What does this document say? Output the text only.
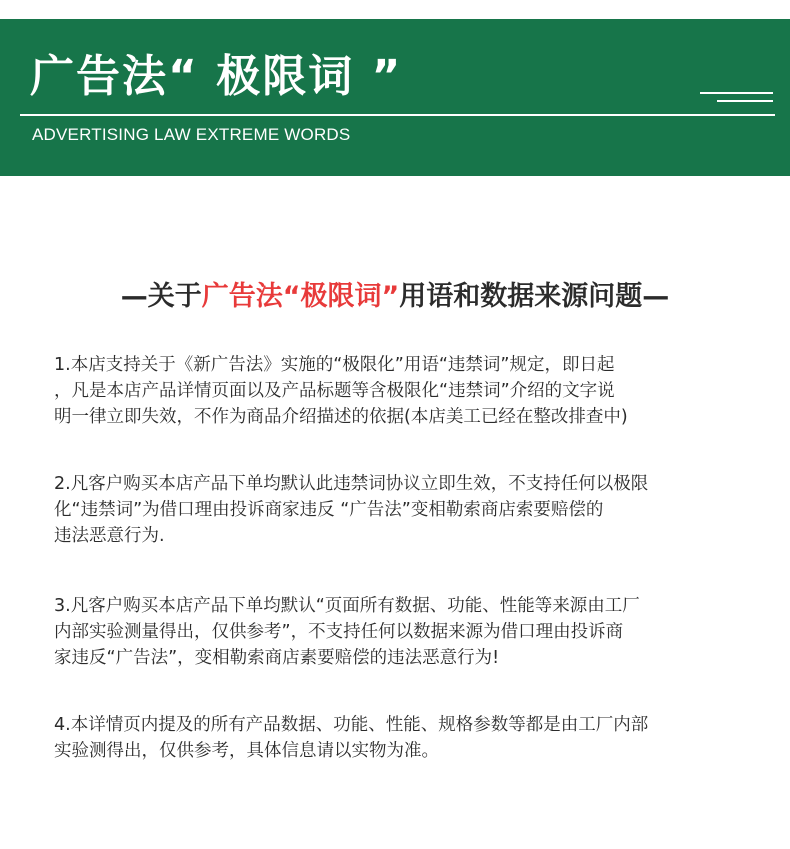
广告法“ 极限词 ”
ADVERTISING LAW EXTREME WORDS
—关于广告法“极限词”用语和数据来源问题—
1.本店支持关于《新广告法》实施的“极限化”用语“违禁词”规定，即日起
，凡是本店产品详情页面以及产品标题等含极限化“违禁词”介绍的文字说
明一律立即失效，不作为商品介绍描述的依据(本店美工已经在整改排查中)
2.凡客户购买本店产品下单均默认此违禁词协议立即生效，不支持任何以极限
化“违禁词”为借口理由投诉商家违反 “广告法”变相勒索商店索要赔偿的
违法恶意行为.
3.凡客户购买本店产品下单均默认“页面所有数据、功能、性能等来源由工厂
内部实验测量得出，仅供参考”，不支持任何以数据来源为借口理由投诉商
家违反“广告法”，变相勒索商店素要赔偿的违法恶意行为!
4.本详情页内提及的所有产品数据、功能、性能、规格参数等都是由工厂内部
实验测得出，仅供参考，具体信息请以实物为准。
